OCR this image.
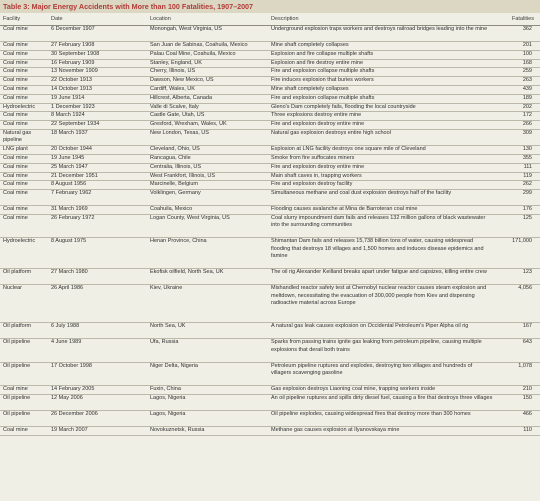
Table 3: Major Energy Accidents with More than 100 Fatalities, 1907–2007
Facility	Date	Location	Description	Fatalities
Coal mine	6 December 1907	Monongah, West Virginia, US	Underground explosion traps workers and destroys railroad bridges leading into the mine	362
Coal mine	27 February 1908	San Juan de Sabinas, Coahuila, Mexico	Mine shaft completely collapses	201
Coal mine	30 September 1908	Palau Coal Mine, Coahuila, Mexico	Explosion and fire collapse multiple shafts	100
Coal mine	16 February 1909	Stanley, England, UK	Explosion and fire destroy entire mine	168
Coal mine	13 November 1909	Cherry, Illinois, US	Fire and explosion collapse multiple shafts	259
Coal mine	22 October 1913	Dawson, New Mexico, US	Fire induces explosion that buries workers	263
Coal mine	14 October 1913	Cardiff, Wales, UK	Mine shaft completely collapses	439
Coal mine	19 June 1914	Hillcrest, Alberta, Canada	Fire and explosion collapse multiple shafts	189
Hydroelectric	1 December 1923	Valle di Scalve, Italy	Gleno's Dam completely fails, flooding the local countryside	202
Coal mine	8 March 1924	Castle Gate, Utah, US	Three explosions destroy entire mine	172
Coal mine	22 September 1934	Gresford, Wrexham, Wales, UK	Fire and explosion destroy entire mine	266
Natural gas pipeline	18 March 1937	New London, Texas, US	Natural gas explosion destroys entire high school	309
LNG plant	20 October 1944	Cleveland, Ohio, US	Explosion at LNG facility destroys one square mile of Cleveland	130
Coal mine	19 June 1945	Rancagua, Chile	Smoke from fire suffocates miners	355
Coal mine	25 March 1947	Centralia, Illinois, US	Fire and explosion destroy entire mine	111
Coal mine	21 December 1951	West Frankfort, Illinois, US	Main shaft caves in, trapping workers	119
Coal mine	8 August 1956	Marcinelle, Belgium	Fire and explosion destroy facility	262
Coal mine	7 February 1962	Volklingen, Germany	Simultaneous methane and coal dust explosion destroys half of the facility	299
Coal mine	31 March 1969	Coahuila, Mexico	Flooding causes avalanche at Mina de Barroteran coal mine	176
Coal mine	26 February 1972	Logan County, West Virginia, US	Coal slurry impoundment dam fails and releases 132 million gallons of black wastewater into the surrounding communities	125
Hydroelectric	8 August 1975	Henan Province, China	Shimantan Dam fails and releases 15,738 billion tons of water, causing widespread flooding that destroys 18 villages and 1,500 homes and induces disease epidemics and famine	171,000
Oil platform	27 March 1980	Ekofisk oilfield, North Sea, UK	The oil rig Alexander Keilland breaks apart under fatigue and capsizes, killing entire crew	123
Nuclear	26 April 1986	Kiev, Ukraine	Mishandled reactor safety test at Chernobyl nuclear reactor causes steam explosion and meltdown, necessitating the evacuation of 300,000 people from Kiev and dispersing radioactive material across Europe	4,056
Oil platform	6 July 1988	North Sea, UK	A natural gas leak causes explosion on Occidental Petroleum's Piper Alpha oil rig	167
Oil pipeline	4 June 1989	Ufa, Russia	Sparks from passing trains ignite gas leaking from petroleum pipeline, causing multiple explosions that derail both trains	643
Oil pipeline	17 October 1998	Niger Delta, Nigeria	Petroleum pipeline ruptures and explodes, destroying two villages and hundreds of villagers scavenging gasoline	1,078
Coal mine	14 February 2005	Fuxin, China	Gas explosion destroys Liaoning coal mine, trapping workers inside	210
Oil pipeline	12 May 2006	Lagos, Nigeria	An oil pipeline ruptures and spills dirty diesel fuel, causing a fire that destroys three villages	150
Oil pipeline	26 December 2006	Lagos, Nigeria	Oil pipeline explodes, causing widespread fires that destroy more than 300 homes	466
Coal mine	19 March 2007	Novokuznetsk, Russia	Methane gas causes explosion at Ilyanovskaya mine	110
